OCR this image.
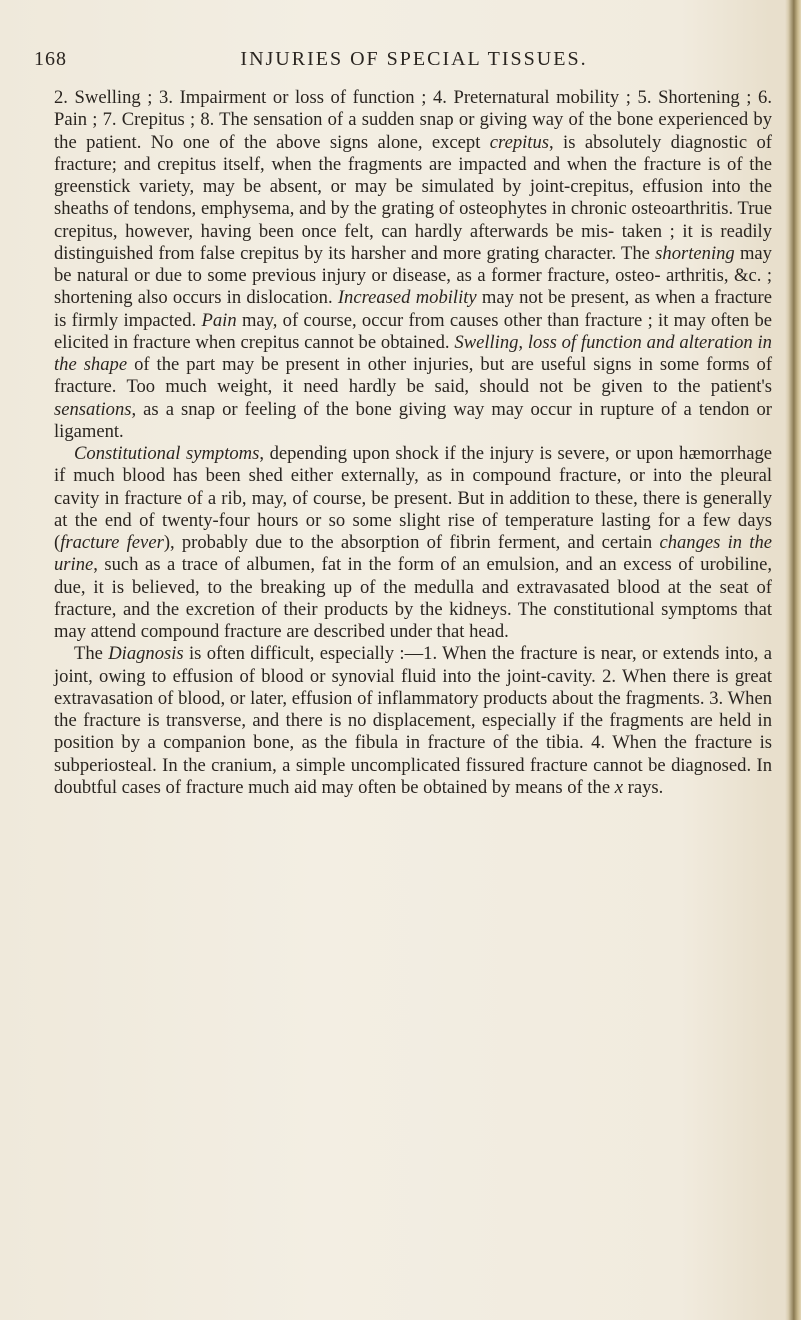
168	INJURIES OF SPECIAL TISSUES.

2. Swelling ; 3. Impairment or loss of function ; 4. Preternatural mobility ; 5. Shortening ; 6. Pain ; 7. Crepitus ; 8. The sensation of a sudden snap or giving way of the bone experienced by the patient. No one of the above signs alone, except crepitus, is absolutely diagnostic of fracture; and crepitus itself, when the fragments are impacted and when the fracture is of the greenstick variety, may be absent, or may be simulated by joint-crepitus, effusion into the sheaths of tendons, emphysema, and by the grating of osteophytes in chronic osteoarthritis. True crepitus, however, having been once felt, can hardly afterwards be mis- taken ; it is readily distinguished from false crepitus by its harsher and more grating character. The shortening may be natural or due to some previous injury or disease, as a former fracture, osteo- arthritis, &c. ; shortening also occurs in dislocation. Increased mobility may not be present, as when a fracture is firmly impacted. Pain may, of course, occur from causes other than fracture ; it may often be elicited in fracture when crepitus cannot be obtained. Swelling, loss of function and alteration in the shape of the part may be present in other injuries, but are useful signs in some forms of fracture. Too much weight, it need hardly be said, should not be given to the patient's sensations, as a snap or feeling of the bone giving way may occur in rupture of a tendon or ligament.

Constitutional symptoms, depending upon shock if the injury is severe, or upon hæmorrhage if much blood has been shed either externally, as in compound fracture, or into the pleural cavity in fracture of a rib, may, of course, be present. But in addition to these, there is generally at the end of twenty-four hours or so some slight rise of temperature lasting for a few days (fracture fever), probably due to the absorption of fibrin ferment, and certain changes in the urine, such as a trace of albumen, fat in the form of an emulsion, and an excess of urobiline, due, it is believed, to the breaking up of the medulla and extravasated blood at the seat of fracture, and the excretion of their products by the kidneys. The constitutional symptoms that may attend compound fracture are described under that head.

The Diagnosis is often difficult, especially :—1. When the fracture is near, or extends into, a joint, owing to effusion of blood or synovial fluid into the joint-cavity. 2. When there is great extravasation of blood, or later, effusion of inflammatory products about the fragments. 3. When the fracture is transverse, and there is no displacement, especially if the fragments are held in position by a companion bone, as the fibula in fracture of the tibia. 4. When the fracture is subperiosteal. In the cranium, a simple uncomplicated fissured fracture cannot be diagnosed. In doubtful cases of fracture much aid may often be obtained by means of the x rays.
